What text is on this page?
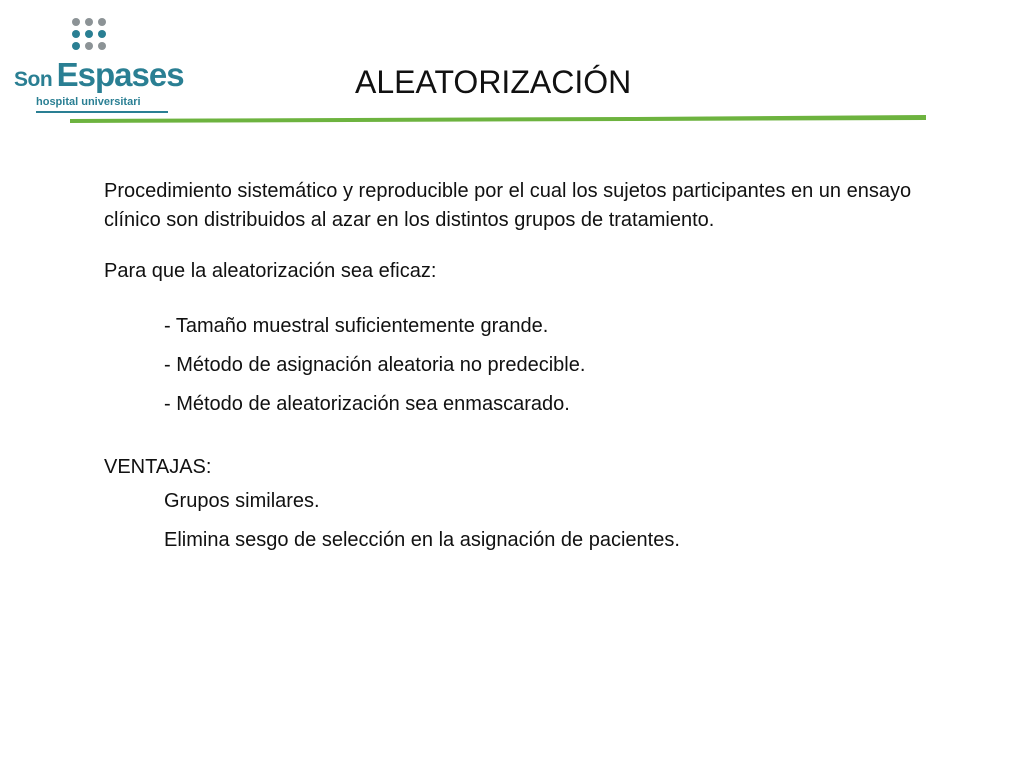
Son Espases
hospital universitari
ALEATORIZACIÓN

Procedimiento sistemático y reproducible por el cual los sujetos participantes en un ensayo clínico son distribuidos al azar en los distintos grupos de tratamiento.

Para que la aleatorización sea eficaz:

- Tamaño muestral suficientemente grande.
- Método de asignación aleatoria no predecible.
- Método de aleatorización sea enmascarado.

VENTAJAS:

Grupos similares.
Elimina sesgo de selección en la asignación de pacientes.
